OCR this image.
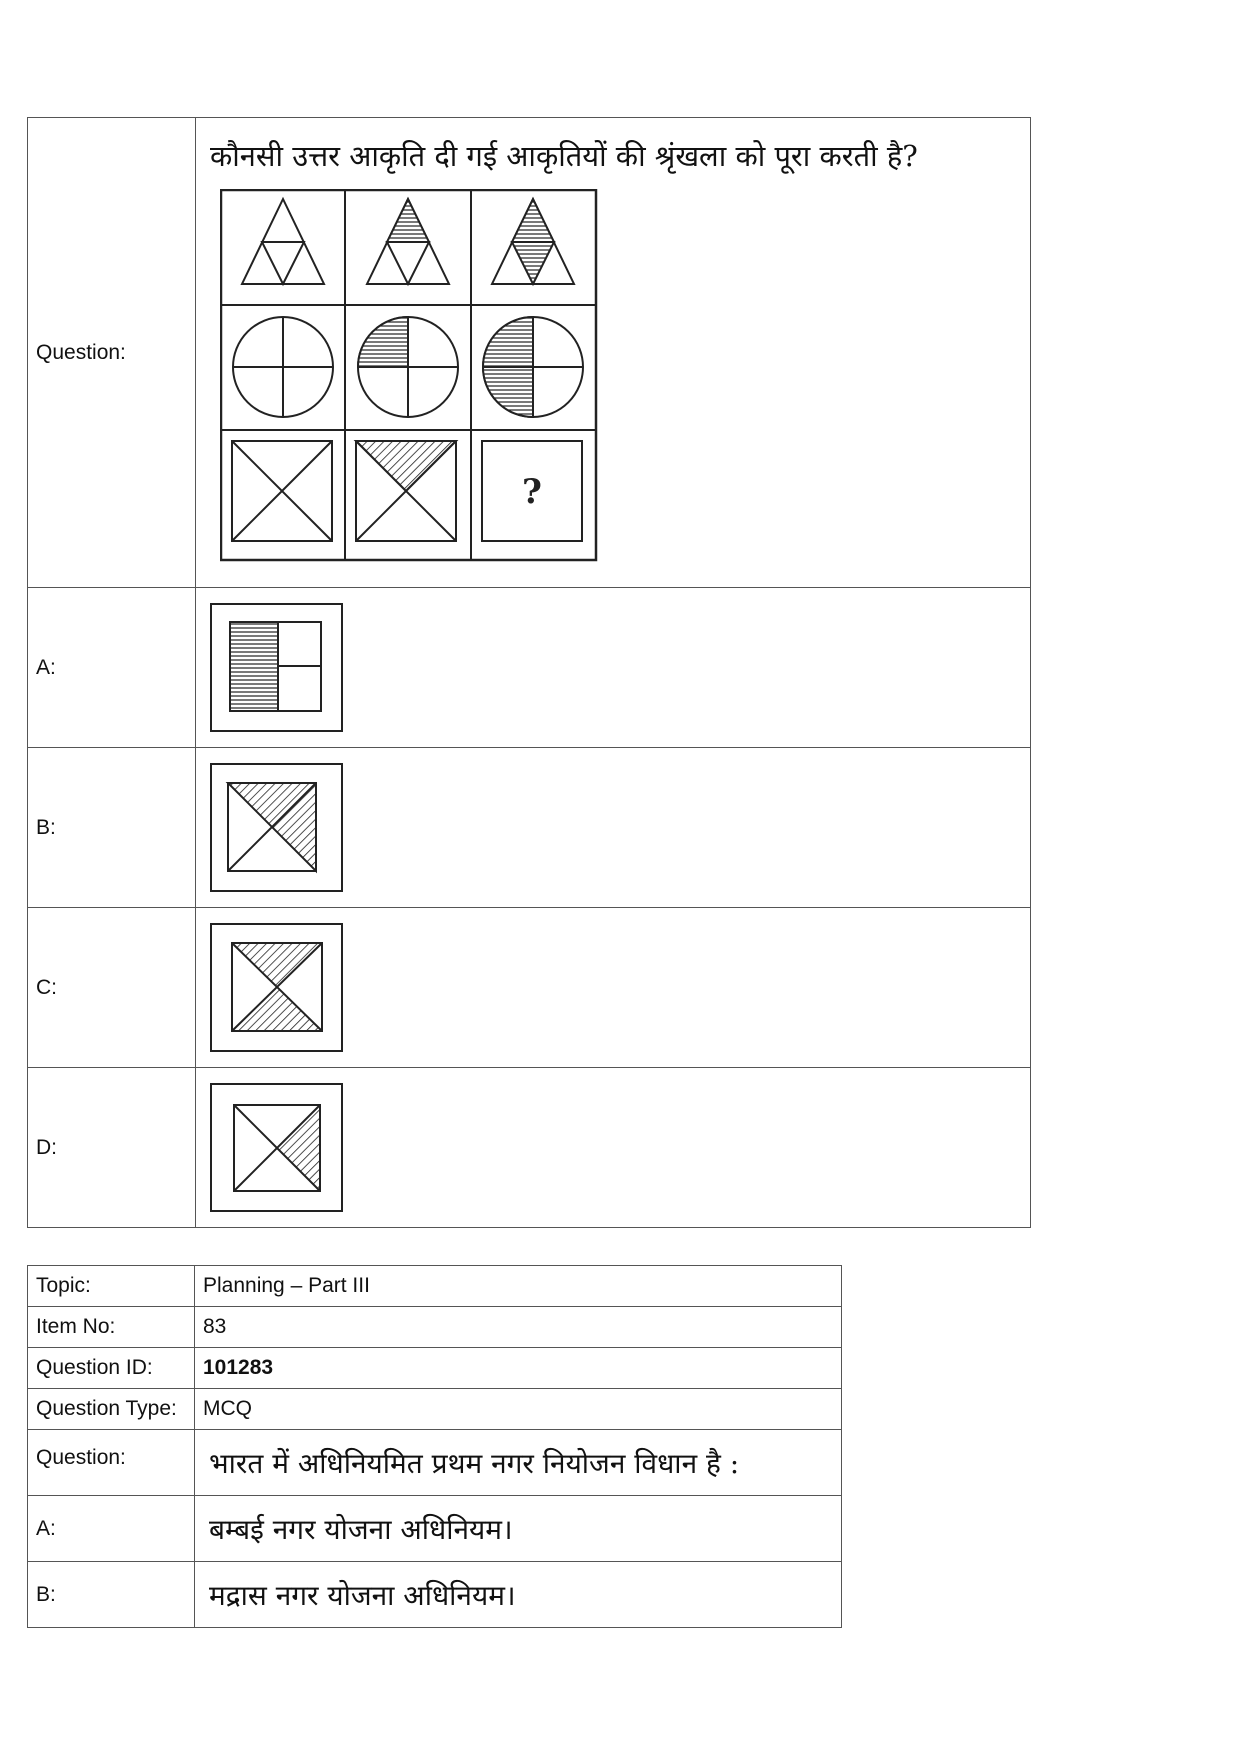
Question:	कौनसी उत्तर आकृति दी गई आकृतियों की श्रृंखला को पूरा करती है?
?

A:	

B:	

C:	

D:	
Topic:	Planning – Part III
Item No:	83
Question ID:	101283
Question Type:	MCQ
Question:	भारत में अधिनियमित प्रथम नगर नियोजन विधान है :
A:	बम्बई नगर योजना अधिनियम।
B:	मद्रास नगर योजना अधिनियम।
